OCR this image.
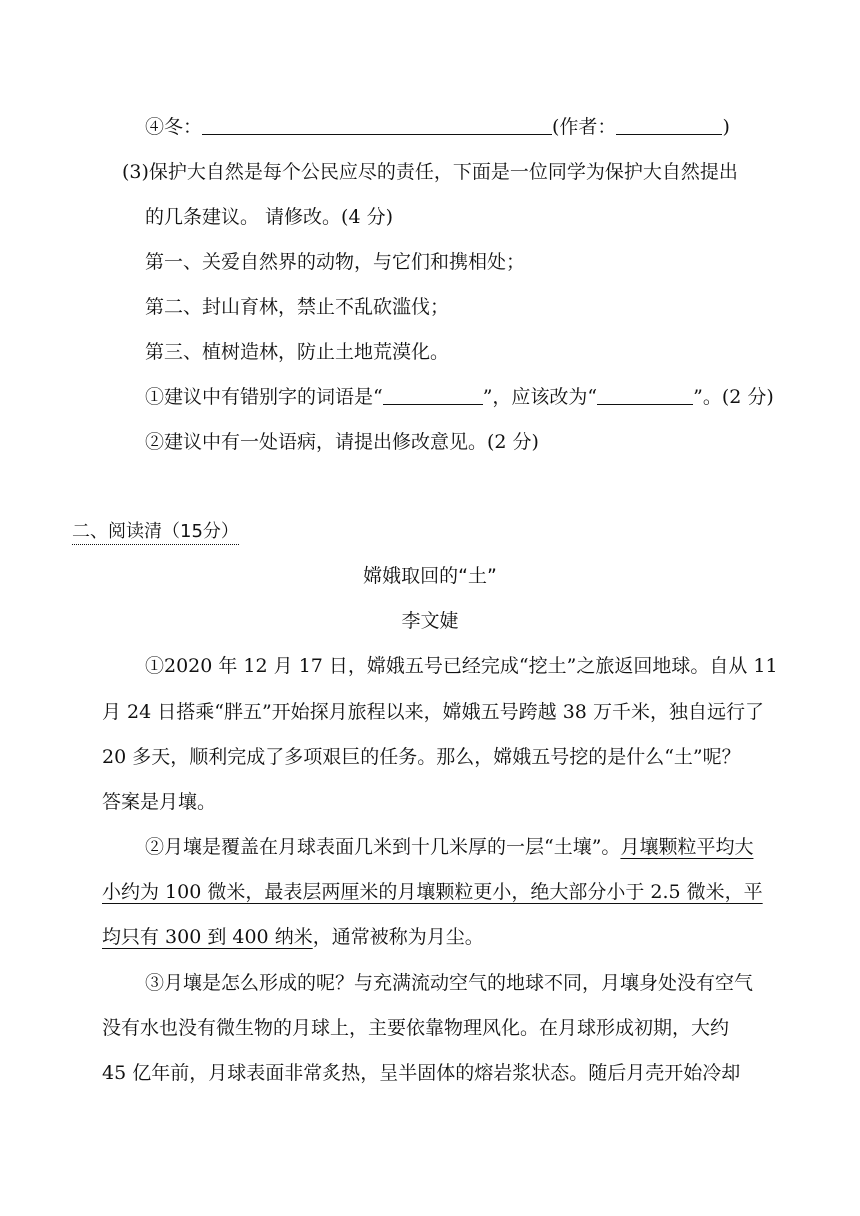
④冬：	(作者：	)
(3)保护大自然是每个公民应尽的责任，下面是一位同学为保护大自然提出
的几条建议。 请修改。(4 分)
第一、关爱自然界的动物，与它们和携相处；
第二、封山育林，禁止不乱砍滥伐；
第三、植树造林，防止土地荒漠化。
①建议中有错别字的词语是“	”，应该改为“	”。(2 分)
②建议中有一处语病，请提出修改意见。(2 分)
二、阅读清（15分）
嫦娥取回的“土”
李文婕
①2020 年 12 月 17 日，嫦娥五号已经完成“挖土”之旅返回地球。自从 11
月 24 日搭乘“胖五”开始探月旅程以来，嫦娥五号跨越 38 万千米，独自远行了
20 多天，顺利完成了多项艰巨的任务。那么，嫦娥五号挖的是什么“土”呢？
答案是月壤。
②月壤是覆盖在月球表面几米到十几米厚的一层“土壤”。月壤颗粒平均大
小约为 100 微米，最表层两厘米的月壤颗粒更小，绝大部分小于 2.5 微米，平
均只有 300 到 400 纳米，通常被称为月尘。
③月壤是怎么形成的呢？与充满流动空气的地球不同，月壤身处没有空气
没有水也没有微生物的月球上，主要依靠物理风化。在月球形成初期，大约
45 亿年前，月球表面非常炙热，呈半固体的熔岩浆状态。随后月壳开始冷却
